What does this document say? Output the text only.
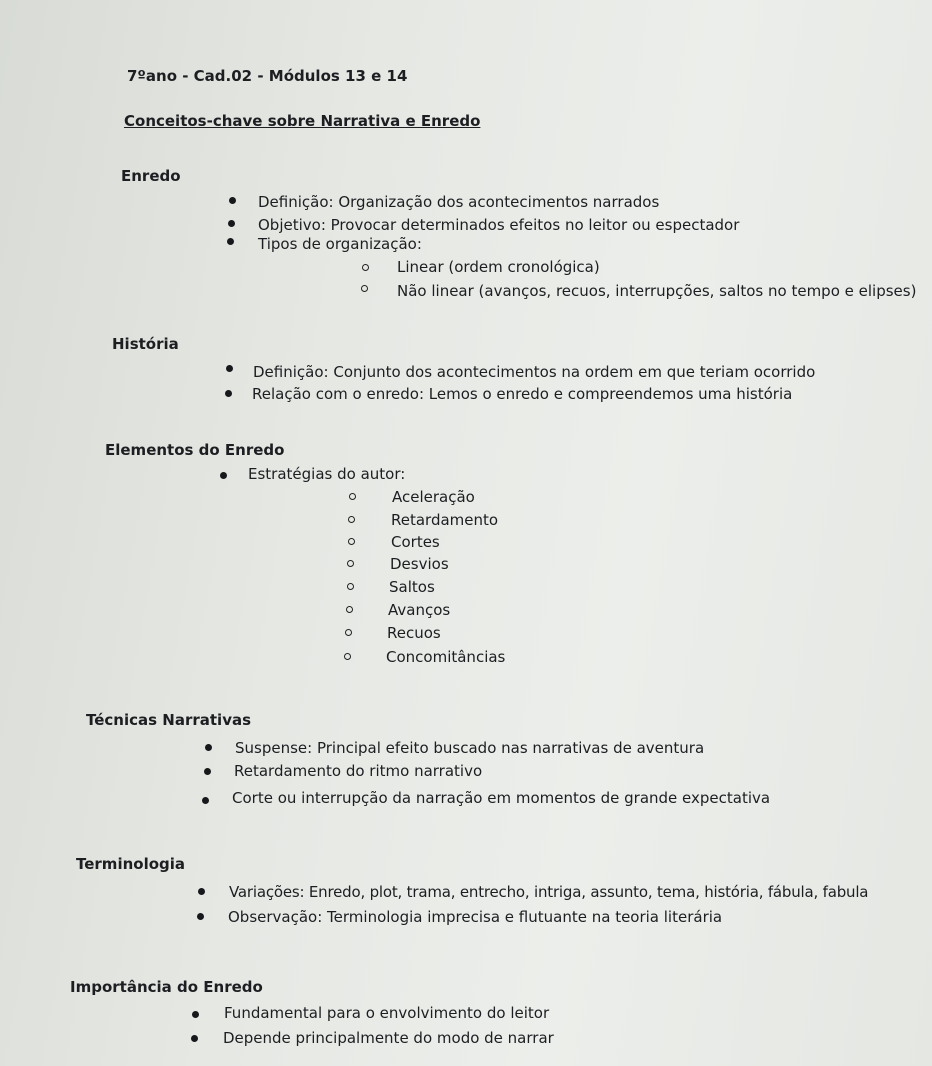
7ºano - Cad.02 - Módulos 13 e 14
Conceitos-chave sobre Narrativa e Enredo
Enredo
Definição: Organização dos acontecimentos narrados
Objetivo: Provocar determinados efeitos no leitor ou espectador
Tipos de organização:
Linear (ordem cronológica)
Não linear (avanços, recuos, interrupções, saltos no tempo e elipses)
História
Definição: Conjunto dos acontecimentos na ordem em que teriam ocorrido
Relação com o enredo: Lemos o enredo e compreendemos uma história
Elementos do Enredo
Estratégias do autor:
Aceleração
Retardamento
Cortes
Desvios
Saltos
Avanços
Recuos
Concomitâncias
Técnicas Narrativas
Suspense: Principal efeito buscado nas narrativas de aventura
Retardamento do ritmo narrativo
Corte ou interrupção da narração em momentos de grande expectativa
Terminologia
Variações: Enredo, plot, trama, entrecho, intriga, assunto, tema, história, fábula, fabula
Observação: Terminologia imprecisa e flutuante na teoria literária
Importância do Enredo
Fundamental para o envolvimento do leitor
Depende principalmente do modo de narrar
